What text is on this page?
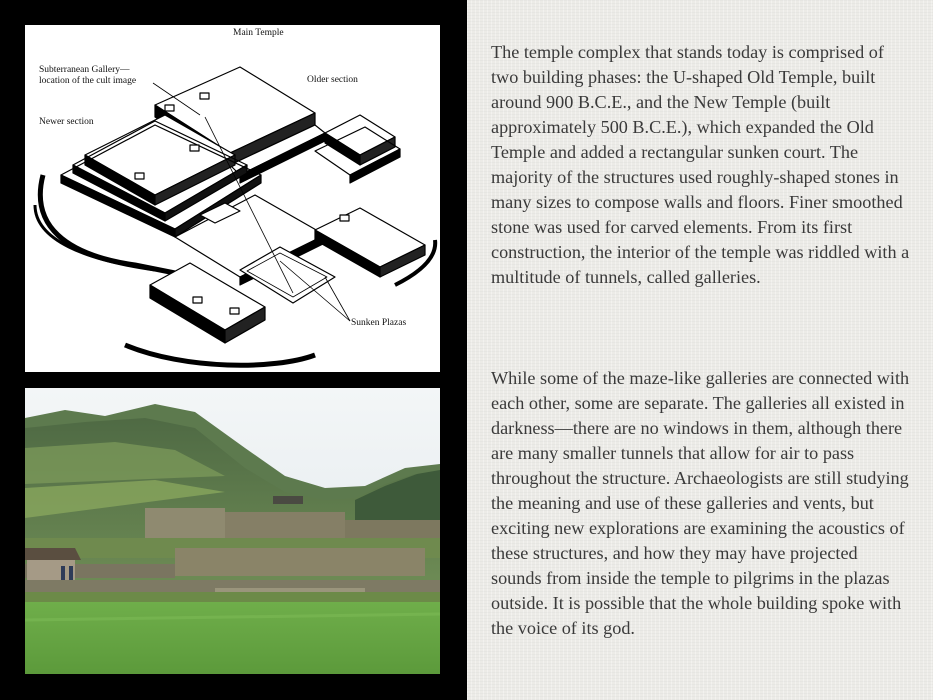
Main Temple
Subterranean Gallery—
location of the cult image	Older section
Newer section
Sunken Plazas

The temple complex that stands today is comprised of two building phases: the U-shaped Old Temple, built around 900 B.C.E., and the New Temple (built approximately 500 B.C.E.), which expanded the Old Temple and added a rectangular sunken court. The majority of the structures used roughly-shaped stones in many sizes to compose walls and floors. Finer smoothed stone was used for carved elements. From its first construction, the interior of the temple was riddled with a multitude of tunnels, called galleries.

While some of the maze-like galleries are connected with each other, some are separate. The galleries all existed in darkness—there are no windows in them, although there are many smaller tunnels that allow for air to pass throughout the structure. Archaeologists are still studying the meaning and use of these galleries and vents, but exciting new explorations are examining the acoustics of these structures, and how they may have projected sounds from inside the temple to pilgrims in the plazas outside. It is possible that the whole building spoke with the voice of its god.
